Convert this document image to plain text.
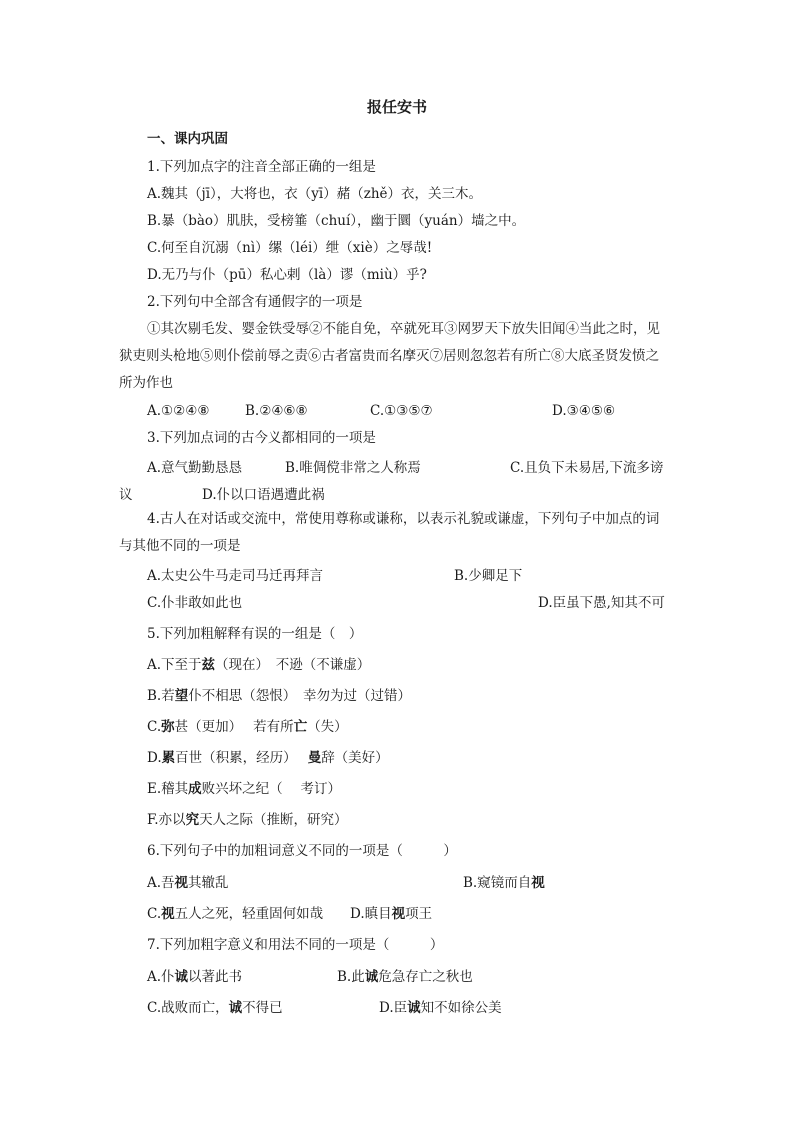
报任安书

一、课内巩固

1.下列加点字的注音全部正确的一组是

A.魏其（jī），大将也，衣（yī）赭（zhě）衣，关三木。

B.暴（bào）肌肤，受榜箠（chuí），幽于圜（yuán）墙之中。

C.何至自沉溺（nì）缧（léi）绁（xiè）之辱哉!

D.无乃与仆（pū）私心剌（là）谬（miù）乎?

2.下列句中全部含有通假字的一项是

①其次剔毛发、婴金铁受辱②不能自免，卒就死耳③网罗天下放失旧闻④当此之时，见

狱吏则头枪地⑤则仆偿前辱之责⑥古者富贵而名摩灭⑦居则忽忽若有所亡⑧大底圣贤发愤之

所为作也

A.①②④⑧	B.②④⑥⑧	C.①③⑤⑦	D.③④⑤⑥

3.下列加点词的古今义都相同的一项是

A.意气勤勤恳恳	B.唯倜傥非常之人称焉	C.且负下未易居,下流多谤
议	D.仆以口语遇遭此祸

4.古人在对话或交流中，常使用尊称或谦称，以表示礼貌或谦虚，下列句子中加点的词

与其他不同的一项是

A.太史公牛马走司马迁再拜言	B.少卿足下
C.仆非敢如此也	D.臣虽下愚,知其不可

5.下列加粗解释有误的一组是（　）

A.下至于兹（现在）　不逊（不谦虚）

B.若望仆不相思（怨恨）　幸勿为过（过错）

C.弥甚（更加）　 若有所亡（失）

D.累百世（积累，经历）　 曼辞（美好）

E.稽其成败兴坏之纪（　 考订）

F.亦以究天人之际（推断，研究）

6.下列句子中的加粗词意义不同的一项是（　　　）

A.吾视其辙乱	B.窥镜而自视
C.视五人之死，轻重固何如哉 D.瞋目视项王

7.下列加粗字意义和用法不同的一项是（　　　）

A.仆诚以著此书	B.此诚危急存亡之秋也
C.战败而亡，诚不得已	D.臣诚知不如徐公美
